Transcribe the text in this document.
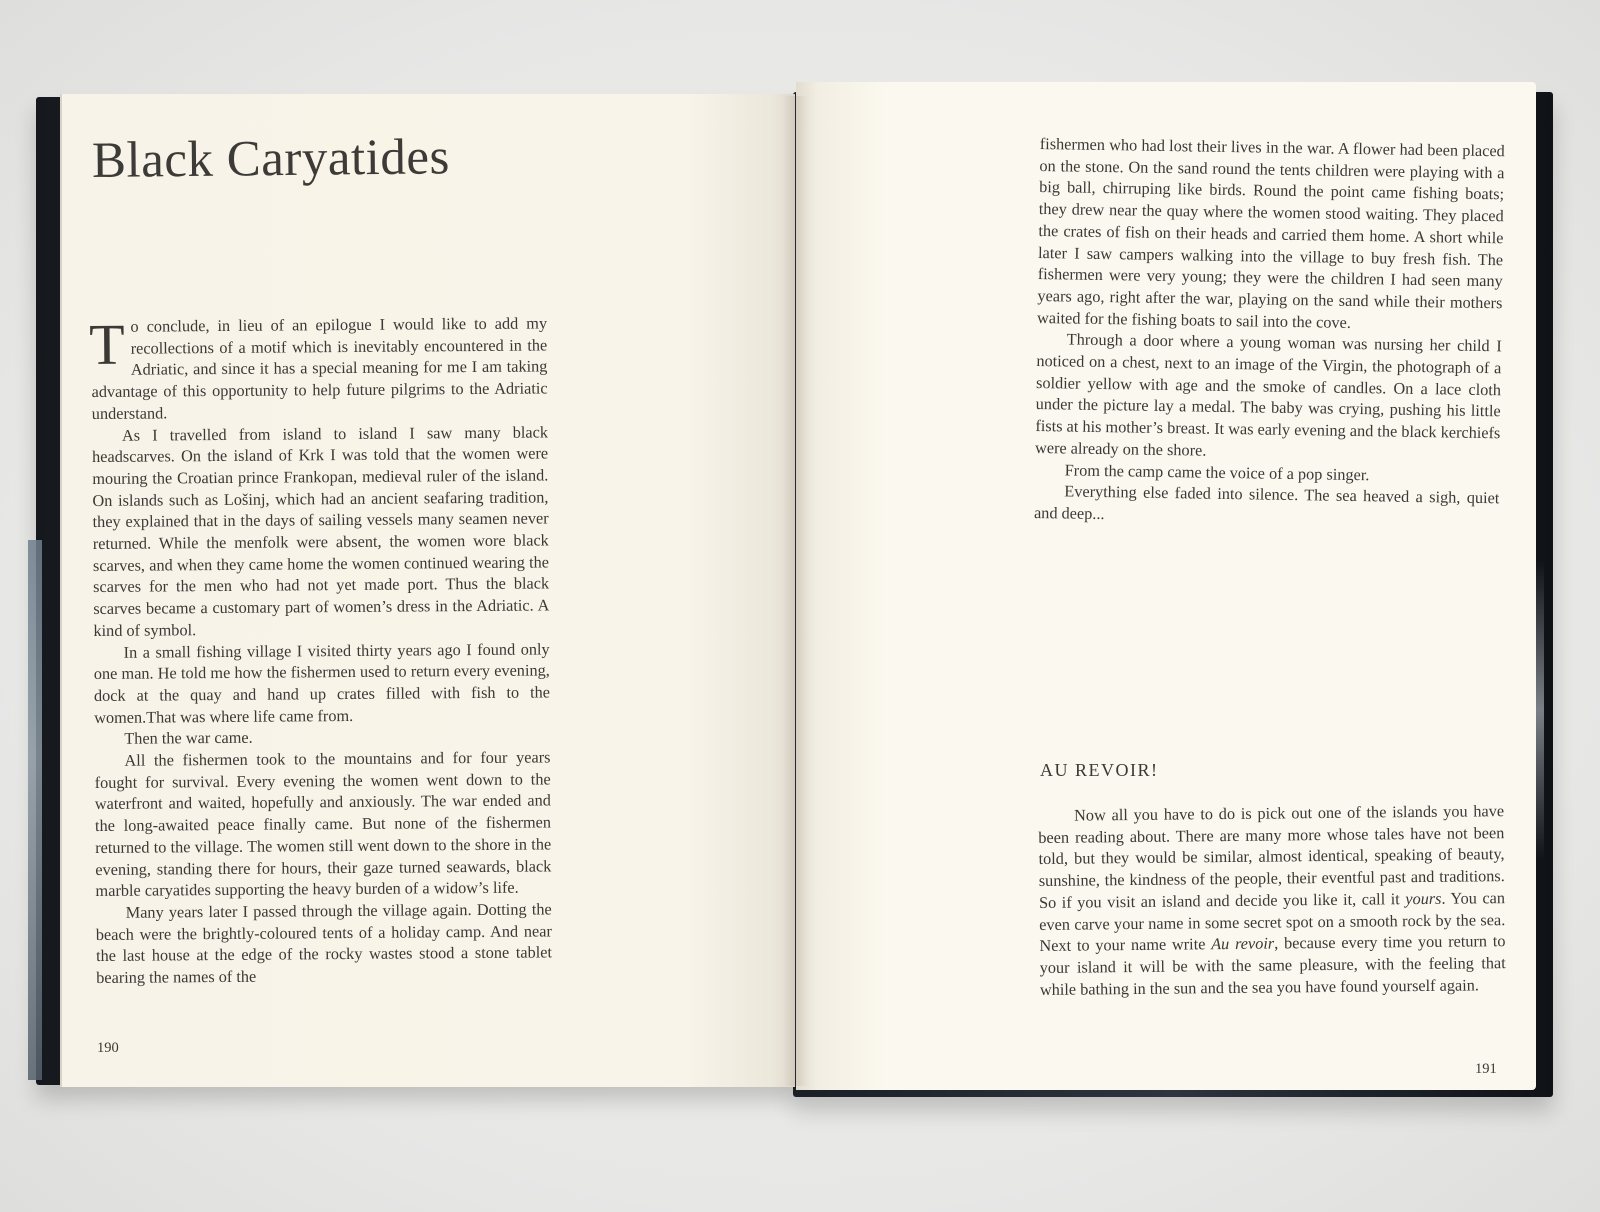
Black Caryatides

To conclude, in lieu of an epilogue I would like to add my recollections of a motif which is inevitably encountered in the Adriatic, and since it has a special meaning for me I am taking advantage of this opportunity to help future pilgrims to the Adriatic understand.

As I travelled from island to island I saw many black headscarves. On the island of Krk I was told that the women were mouring the Croatian prince Frankopan, medieval ruler of the island. On islands such as Lošinj, which had an ancient seafaring tradition, they explained that in the days of sailing vessels many seamen never returned. While the menfolk were absent, the women wore black scarves, and when they came home the women continued wearing the scarves for the men who had not yet made port. Thus the black scarves became a customary part of women’s dress in the Adriatic. A kind of symbol.

In a small fishing village I visited thirty years ago I found only one man. He told me how the fishermen used to return every evening, dock at the quay and hand up crates filled with fish to the women.That was where life came from.

Then the war came.

All the fishermen took to the mountains and for four years fought for survival. Every evening the women went down to the waterfront and waited, hopefully and anxiously. The war ended and the long-awaited peace finally came. But none of the fishermen returned to the village. The women still went down to the shore in the evening, standing there for hours, their gaze turned seawards, black marble caryatides supporting the heavy burden of a widow’s life.

Many years later I passed through the village again. Dotting the beach were the brightly-coloured tents of a holiday camp. And near the last house at the edge of the rocky wastes stood a stone tablet bearing the names of the

190

fishermen who had lost their lives in the war. A flower had been placed on the stone. On the sand round the tents children were playing with a big ball, chirruping like birds. Round the point came fishing boats; they drew near the quay where the women stood waiting. They placed the crates of fish on their heads and carried them home. A short while later I saw campers walking into the village to buy fresh fish. The fishermen were very young; they were the children I had seen many years ago, right after the war, playing on the sand while their mothers waited for the fishing boats to sail into the cove.

Through a door where a young woman was nursing her child I noticed on a chest, next to an image of the Virgin, the photograph of a soldier yellow with age and the smoke of candles. On a lace cloth under the picture lay a medal. The baby was crying, pushing his little fists at his mother’s breast. It was early evening and the black kerchiefs were already on the shore.

From the camp came the voice of a pop singer.

Everything else faded into silence. The sea heaved a sigh, quiet and deep...

AU REVOIR!

Now all you have to do is pick out one of the islands you have been reading about. There are many more whose tales have not been told, but they would be similar, almost identical, speaking of beauty, sunshine, the kindness of the people, their eventful past and traditions. So if you visit an island and decide you like it, call it yours. You can even carve your name in some secret spot on a smooth rock by the sea. Next to your name write Au revoir, because every time you return to your island it will be with the same pleasure, with the feeling that while bathing in the sun and the sea you have found yourself again.

191
